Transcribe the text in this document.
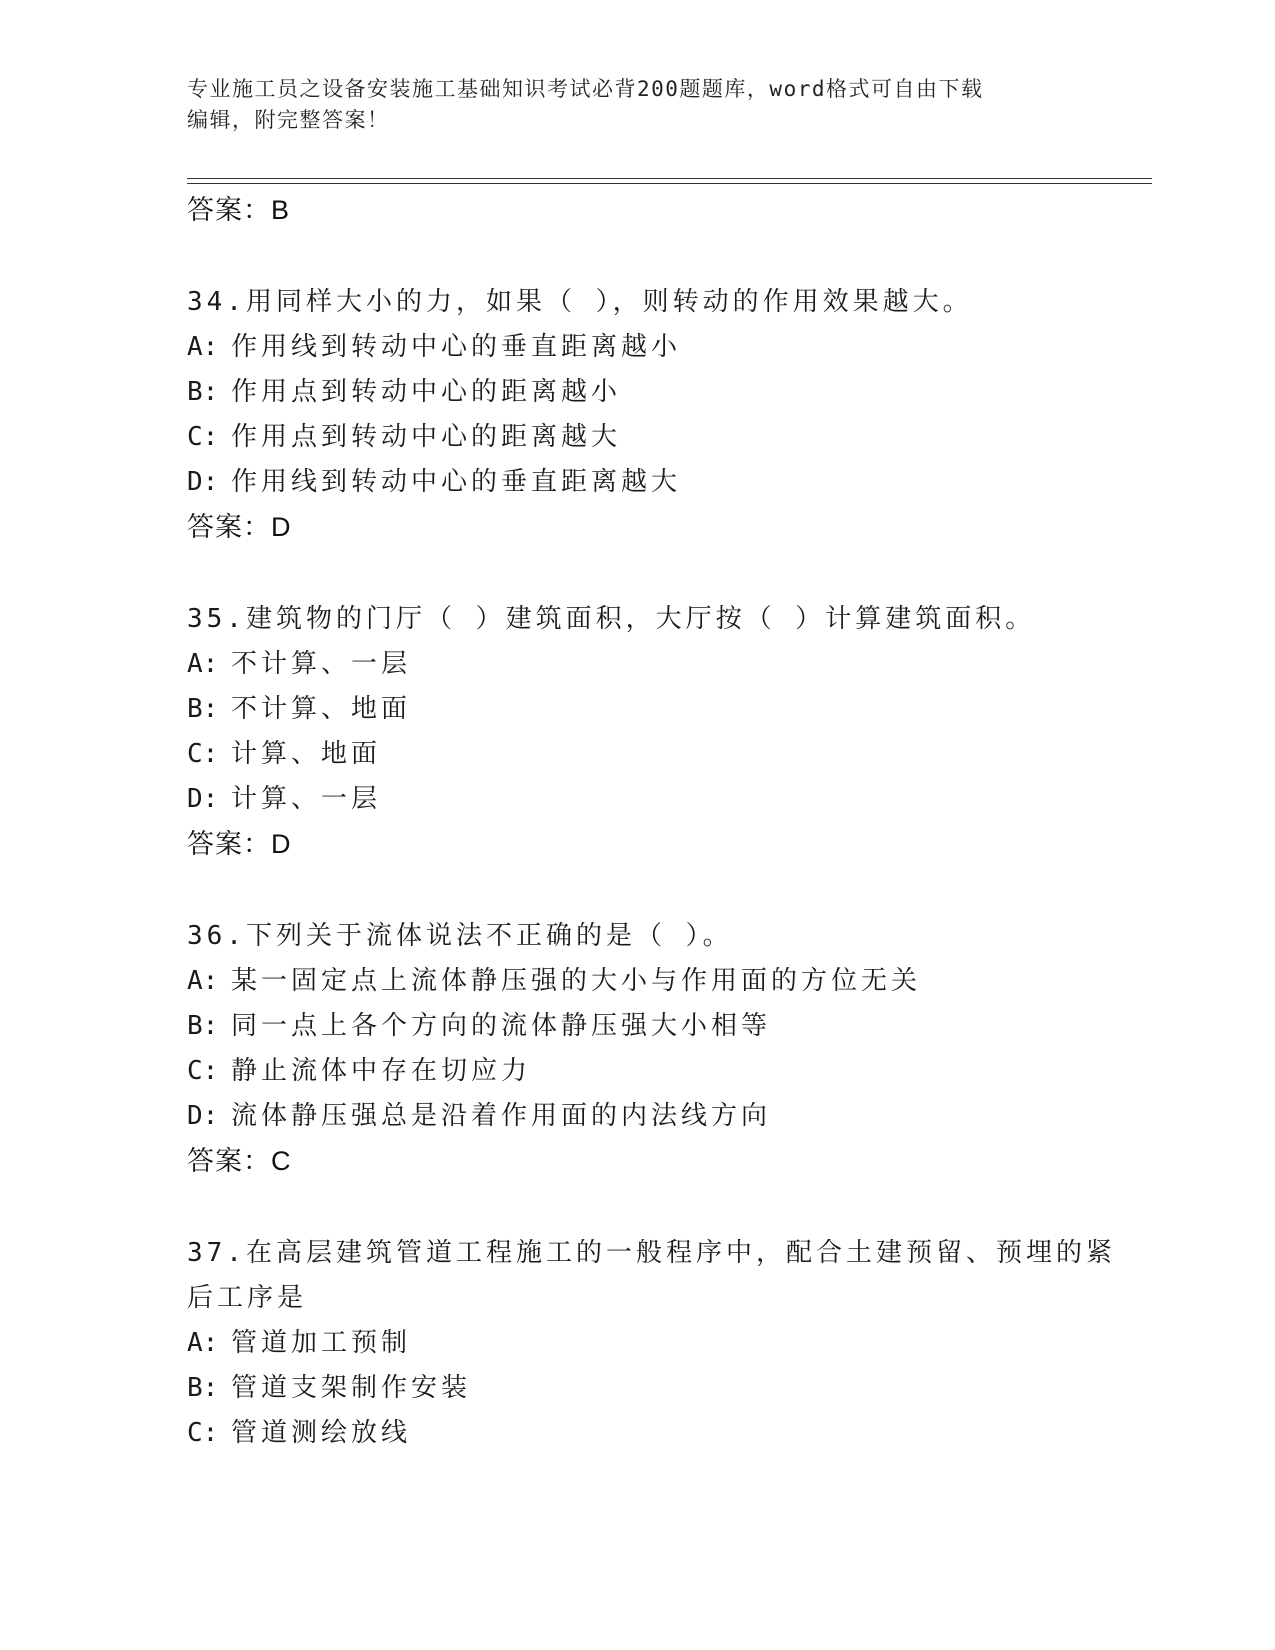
专业施工员之设备安装施工基础知识考试必背200题题库，word格式可自由下载
编辑，附完整答案！
答案：B
34.用同样大小的力，如果（ ），则转动的作用效果越大。
A: 作用线到转动中心的垂直距离越小
B: 作用点到转动中心的距离越小
C: 作用点到转动中心的距离越大
D: 作用线到转动中心的垂直距离越大
答案：D
35.建筑物的门厅（ ）建筑面积，大厅按（ ）计算建筑面积。
A: 不计算、一层
B: 不计算、地面
C: 计算、地面
D: 计算、一层
答案：D
36.下列关于流体说法不正确的是（ ）。
A: 某一固定点上流体静压强的大小与作用面的方位无关
B: 同一点上各个方向的流体静压强大小相等
C: 静止流体中存在切应力
D: 流体静压强总是沿着作用面的内法线方向
答案：C
37.在高层建筑管道工程施工的一般程序中，配合土建预留、预埋的紧
后工序是
A: 管道加工预制
B: 管道支架制作安装
C: 管道测绘放线
